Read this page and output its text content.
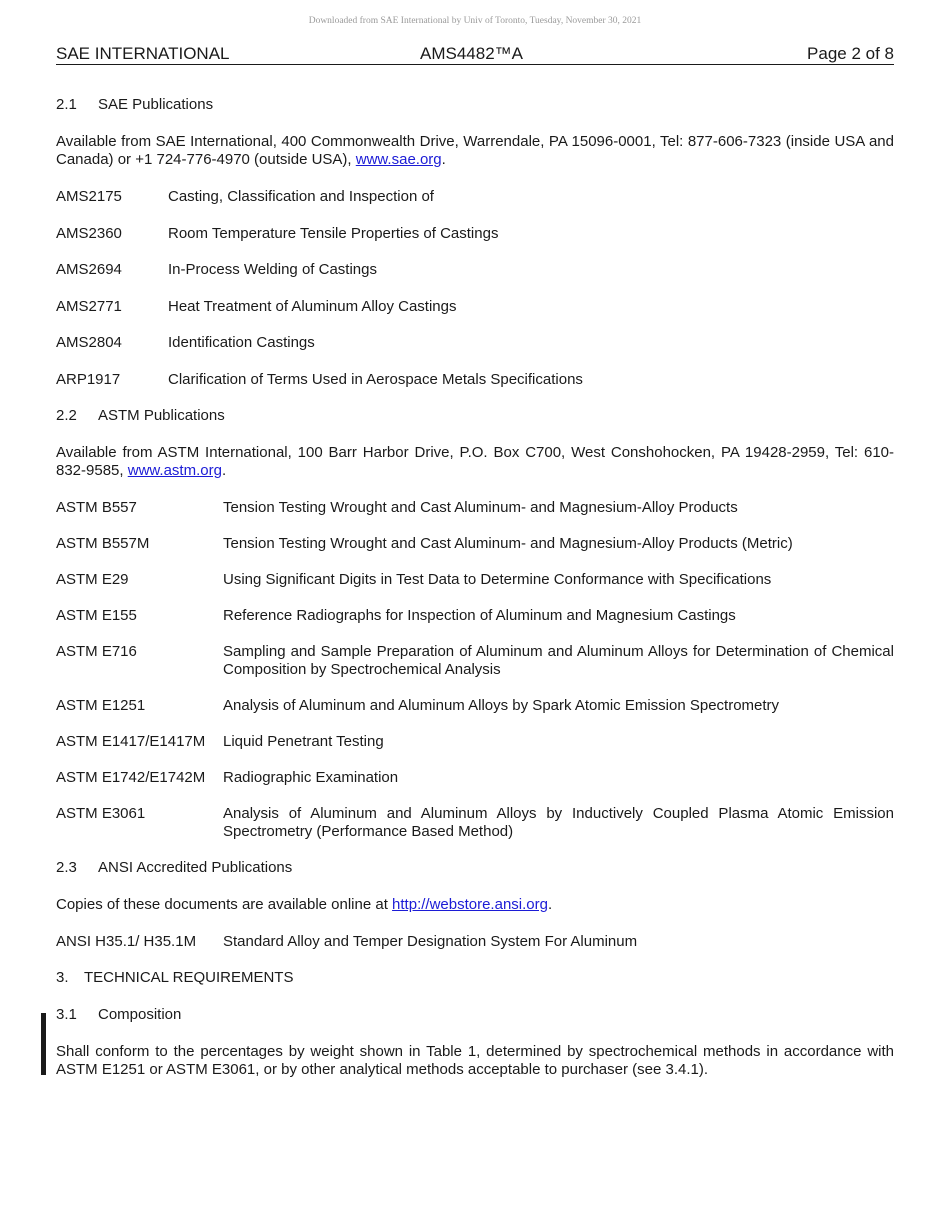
Downloaded from SAE International by Univ of Toronto, Tuesday, November 30, 2021
SAE INTERNATIONAL	AMS4482™A	Page 2 of 8
2.1 SAE Publications
Available from SAE International, 400 Commonwealth Drive, Warrendale, PA 15096-0001, Tel: 877-606-7323 (inside USA and Canada) or +1 724-776-4970 (outside USA), www.sae.org.
AMS2175	Casting, Classification and Inspection of
AMS2360	Room Temperature Tensile Properties of Castings
AMS2694	In-Process Welding of Castings
AMS2771	Heat Treatment of Aluminum Alloy Castings
AMS2804	Identification Castings
ARP1917	Clarification of Terms Used in Aerospace Metals Specifications
2.2 ASTM Publications
Available from ASTM International, 100 Barr Harbor Drive, P.O. Box C700, West Conshohocken, PA 19428-2959, Tel: 610-832-9585, www.astm.org.
ASTM B557	Tension Testing Wrought and Cast Aluminum- and Magnesium-Alloy Products
ASTM B557M	Tension Testing Wrought and Cast Aluminum- and Magnesium-Alloy Products (Metric)
ASTM E29	Using Significant Digits in Test Data to Determine Conformance with Specifications
ASTM E155	Reference Radiographs for Inspection of Aluminum and Magnesium Castings
ASTM E716	Sampling and Sample Preparation of Aluminum and Aluminum Alloys for Determination of Chemical Composition by Spectrochemical Analysis
ASTM E1251	Analysis of Aluminum and Aluminum Alloys by Spark Atomic Emission Spectrometry
ASTM E1417/E1417M	Liquid Penetrant Testing
ASTM E1742/E1742M	Radiographic Examination
ASTM E3061	Analysis of Aluminum and Aluminum Alloys by Inductively Coupled Plasma Atomic Emission Spectrometry (Performance Based Method)
2.3 ANSI Accredited Publications
Copies of these documents are available online at http://webstore.ansi.org.
ANSI H35.1/ H35.1M	Standard Alloy and Temper Designation System For Aluminum
3. TECHNICAL REQUIREMENTS
3.1 Composition
Shall conform to the percentages by weight shown in Table 1, determined by spectrochemical methods in accordance with ASTM E1251 or ASTM E3061, or by other analytical methods acceptable to purchaser (see 3.4.1).
